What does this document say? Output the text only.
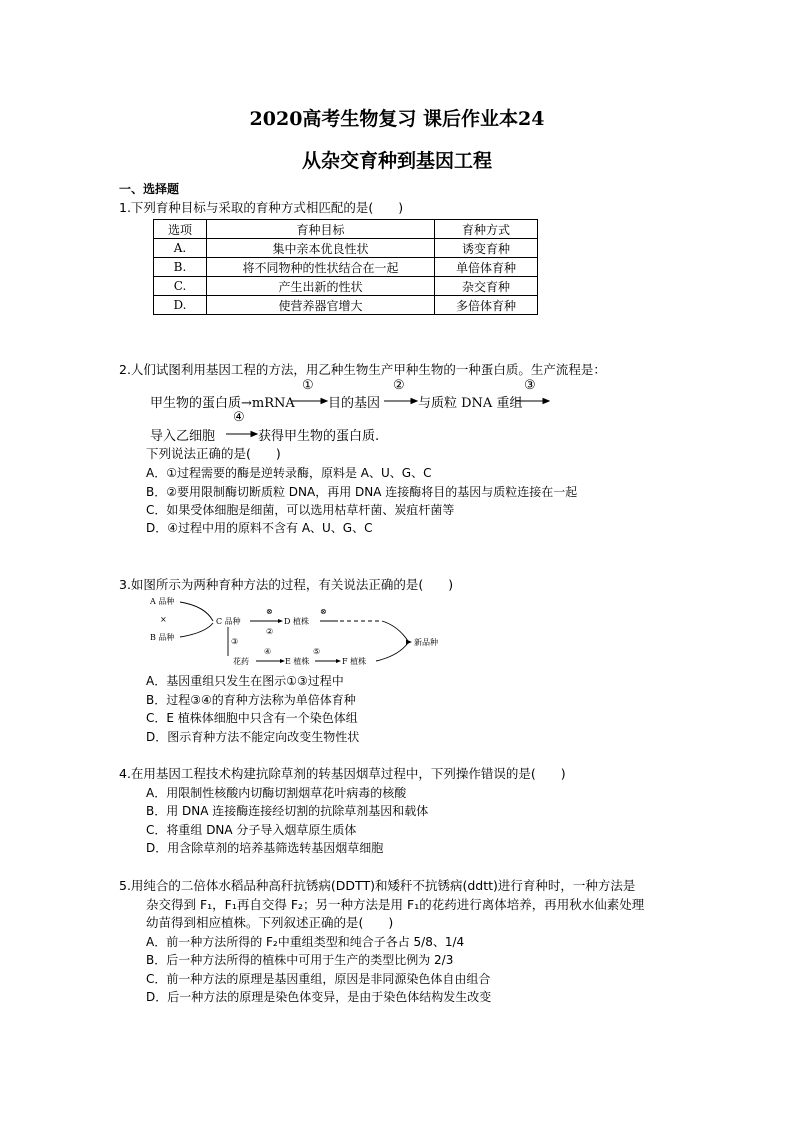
2020高考生物复习 课后作业本24
从杂交育种到基因工程
一、选择题
1.下列育种目标与采取的育种方式相匹配的是(　　)
选项	育种目标	育种方式
A.	集中亲本优良性状	诱变育种
B.	将不同物种的性状结合在一起	单倍体育种
C.	产生出新的性状	杂交育种
D.	使营养器官增大	多倍体育种
2.人们试图利用基因工程的方法，用乙种生物生产甲种生物的一种蛋白质。生产流程是：
甲生物的蛋白质→mRNA
①
目的基因
②
与质粒 DNA 重组
③
导入乙细胞
④
获得甲生物的蛋白质.
下列说法正确的是(　　)
A．①过程需要的酶是逆转录酶，原料是 A、U、G、C
B．②要用限制酶切断质粒 DNA，再用 DNA 连接酶将目的基因与质粒连接在一起
C．如果受体细胞是细菌，可以选用枯草杆菌、炭疽杆菌等
D．④过程中用的原料不含有 A、U、G、C
3.如图所示为两种育种方法的过程，有关说法正确的是(　　)
A 品种
×
B 品种
C 品种
⊗
②
D 植株
⊗
③
花药
④
E 植株
⑤
F 植株
新品种
A．基因重组只发生在图示①③过程中
B．过程③④的育种方法称为单倍体育种
C．E 植株体细胞中只含有一个染色体组
D．图示育种方法不能定向改变生物性状
4.在用基因工程技术构建抗除草剂的转基因烟草过程中，下列操作错误的是(　　)
A．用限制性核酸内切酶切割烟草花叶病毒的核酸
B．用 DNA 连接酶连接经切割的抗除草剂基因和载体
C．将重组 DNA 分子导入烟草原生质体
D．用含除草剂的培养基筛选转基因烟草细胞
5.用纯合的二倍体水稻品种高秆抗锈病(DDTT)和矮秆不抗锈病(ddtt)进行育种时，一种方法是
杂交得到 F₁，F₁再自交得 F₂；另一种方法是用 F₁的花药进行离体培养，再用秋水仙素处理
幼苗得到相应植株。下列叙述正确的是(　　)
A．前一种方法所得的 F₂中重组类型和纯合子各占 5/8、1/4
B．后一种方法所得的植株中可用于生产的类型比例为 2/3
C．前一种方法的原理是基因重组，原因是非同源染色体自由组合
D．后一种方法的原理是染色体变异，是由于染色体结构发生改变
